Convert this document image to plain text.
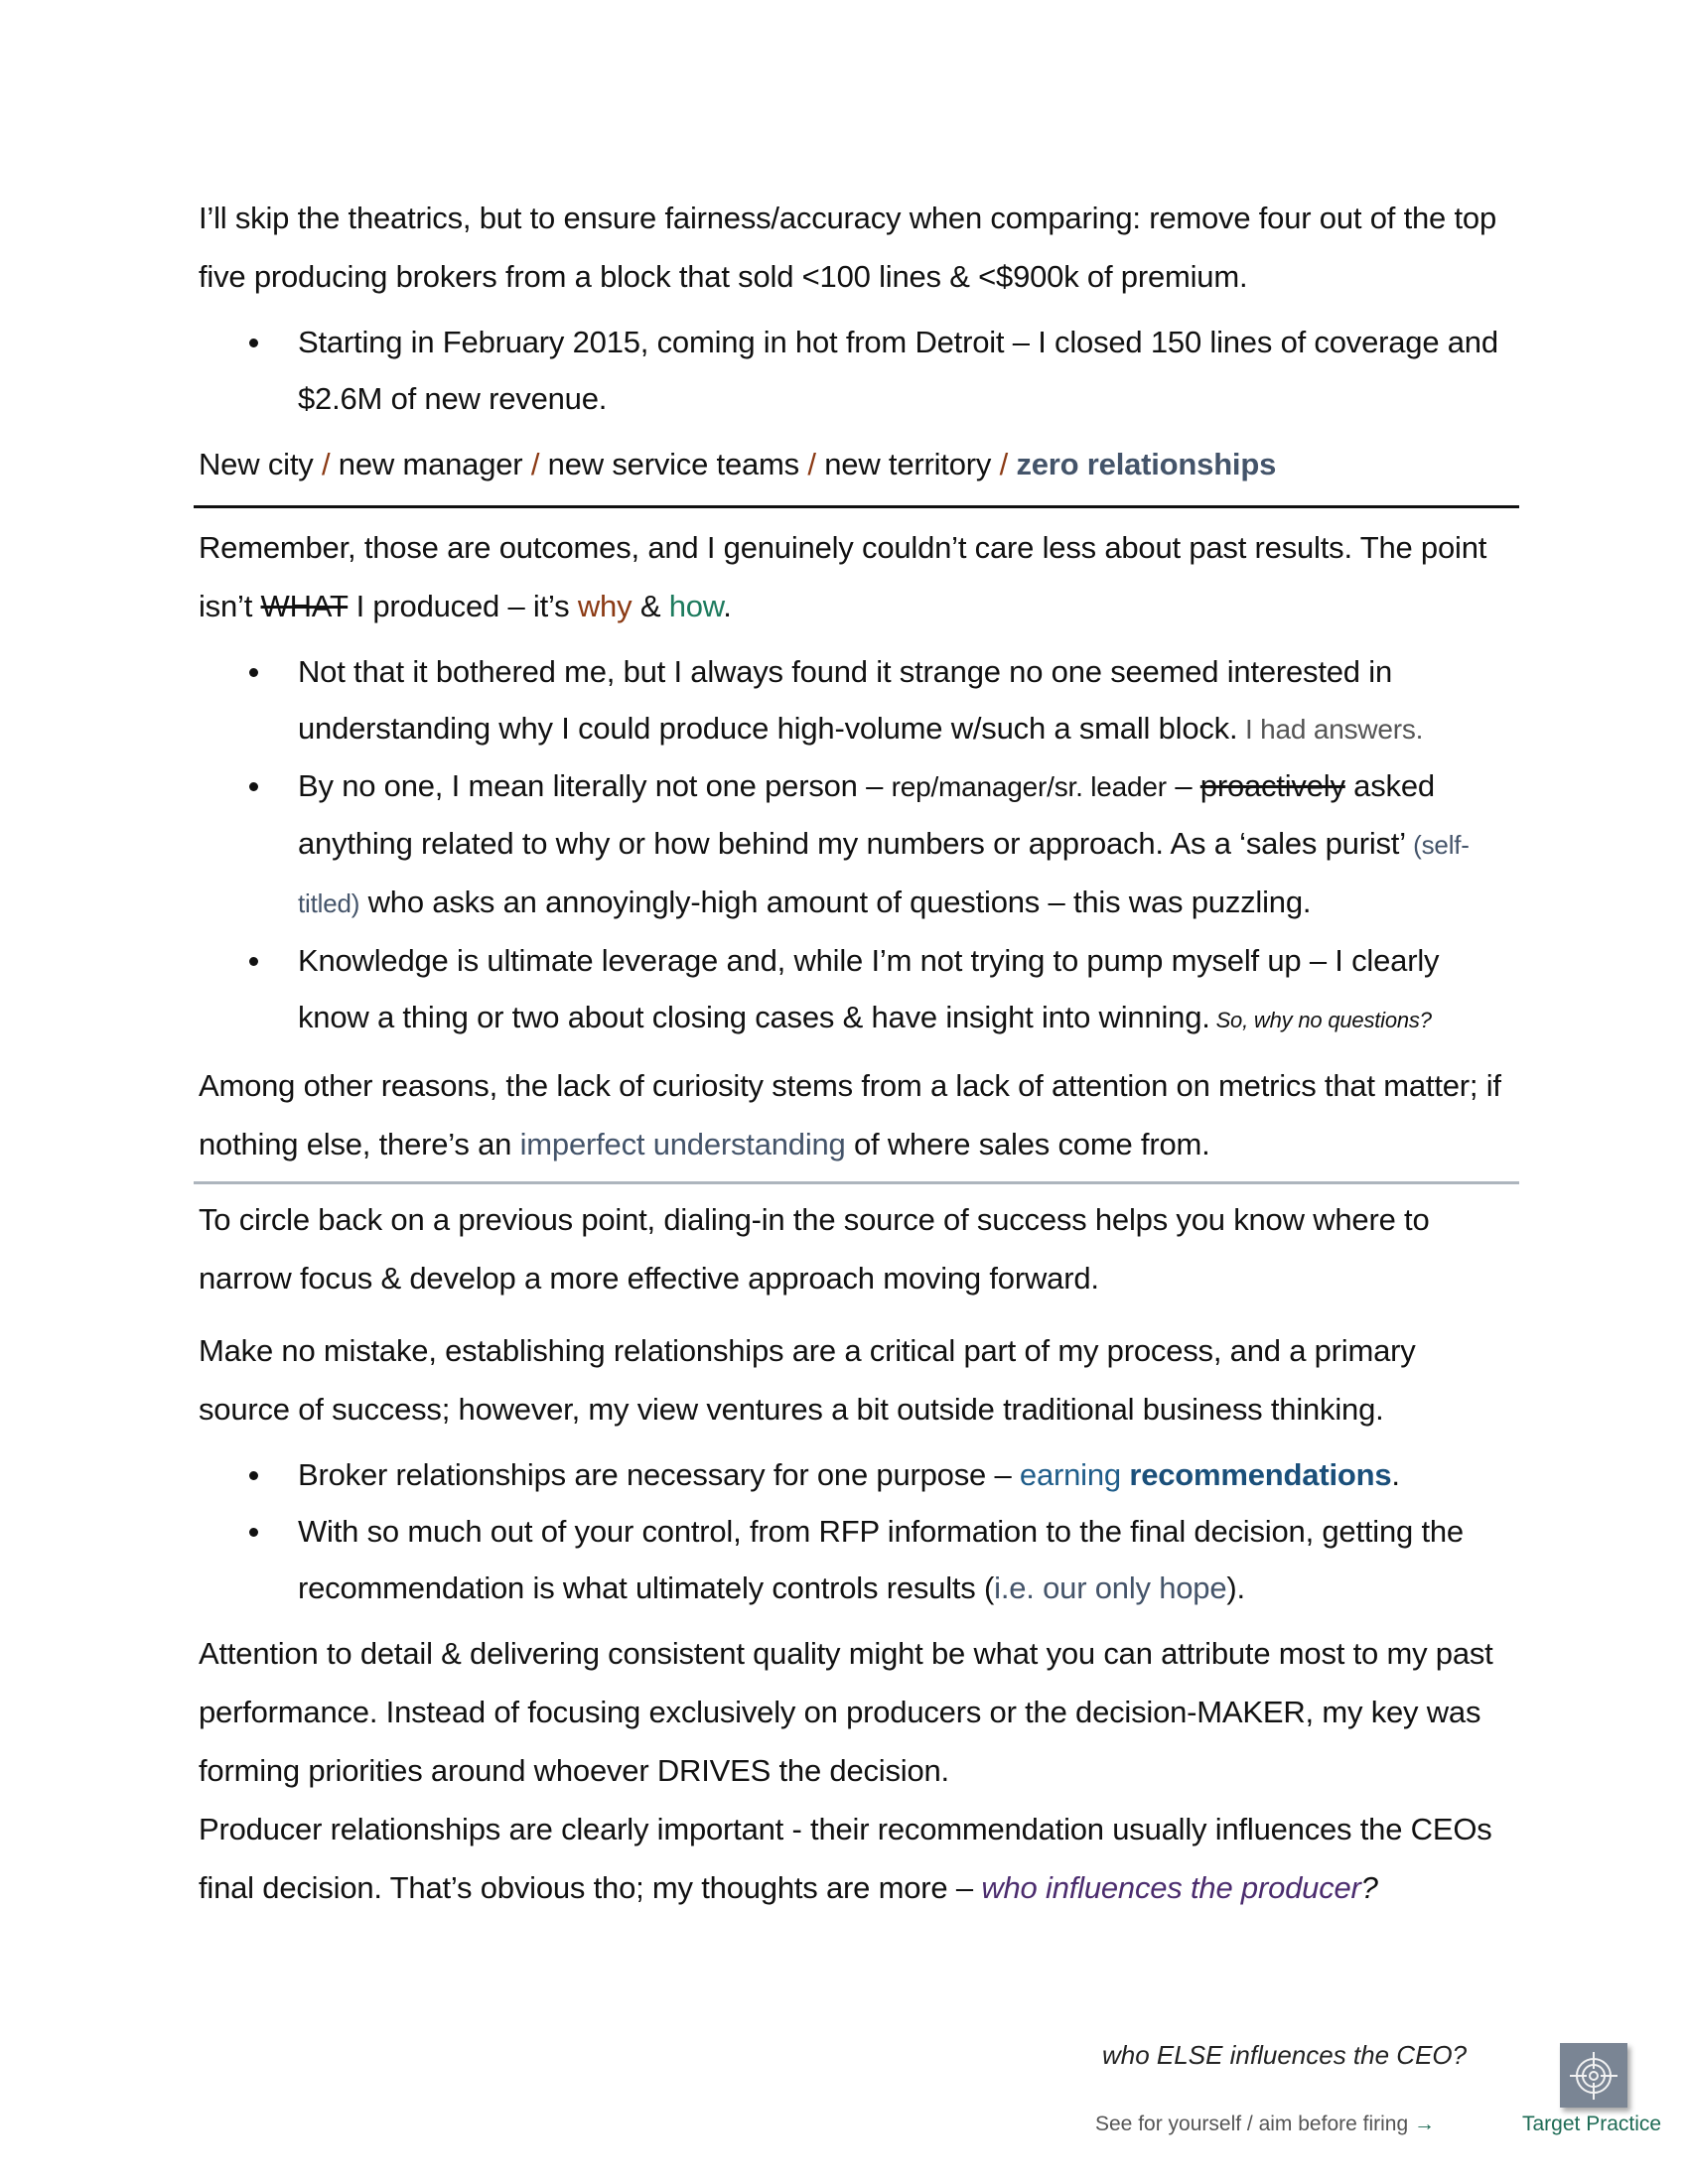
I’ll skip the theatrics, but to ensure fairness/accuracy when comparing: remove four out of the top five producing brokers from a block that sold <100 lines & <$900k of premium.

Starting in February 2015, coming in hot from Detroit – I closed 150 lines of coverage and $2.6M of new revenue.

New city / new manager / new service teams / new territory / zero relationships

Remember, those are outcomes, and I genuinely couldn’t care less about past results. The point isn’t WHAT I produced – it’s why & how.

Not that it bothered me, but I always found it strange no one seemed interested in understanding why I could produce high-volume w/such a small block. I had answers.
By no one, I mean literally not one person – rep/manager/sr. leader – proactively asked anything related to why or how behind my numbers or approach. As a ‘sales purist’ (self-titled) who asks an annoyingly-high amount of questions – this was puzzling.
Knowledge is ultimate leverage and, while I’m not trying to pump myself up – I clearly know a thing or two about closing cases & have insight into winning. So, why no questions?

Among other reasons, the lack of curiosity stems from a lack of attention on metrics that matter; if nothing else, there’s an imperfect understanding of where sales come from.

To circle back on a previous point, dialing-in the source of success helps you know where to narrow focus & develop a more effective approach moving forward.

Make no mistake, establishing relationships are a critical part of my process, and a primary source of success; however, my view ventures a bit outside traditional business thinking.

Broker relationships are necessary for one purpose – earning recommendations.
With so much out of your control, from RFP information to the final decision, getting the recommendation is what ultimately controls results (i.e. our only hope).

Attention to detail & delivering consistent quality might be what you can attribute most to my past performance. Instead of focusing exclusively on producers or the decision-MAKER, my key was forming priorities around whoever DRIVES the decision.

Producer relationships are clearly important - their recommendation usually influences the CEOs final decision. That’s obvious tho; my thoughts are more – who influences the producer?

who ELSE influences the CEO?
See for yourself / aim before firing →	Target Practice
